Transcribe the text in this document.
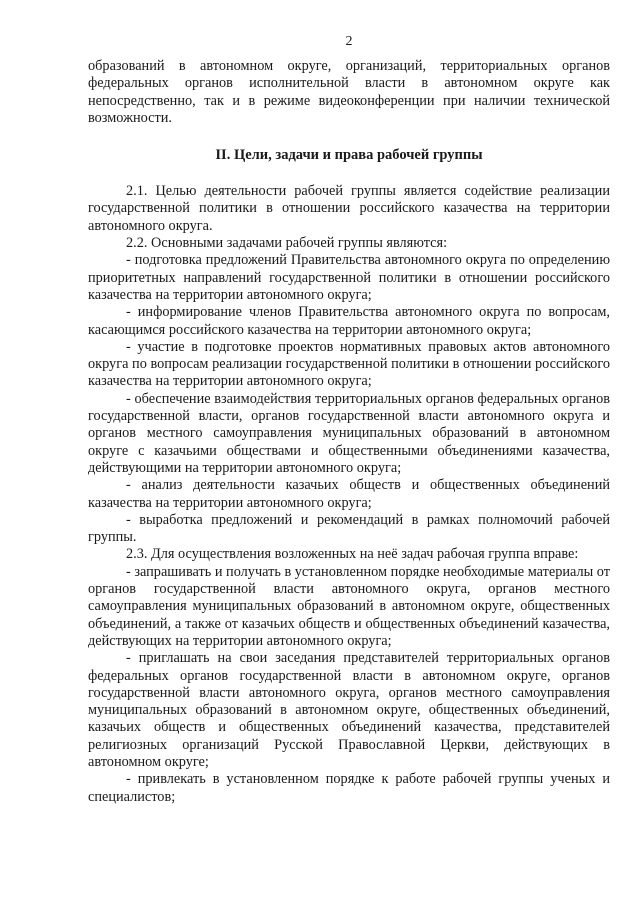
2

образований в автономном округе, организаций, территориальных органов федеральных органов исполнительной власти в автономном округе как непосредственно, так и в режиме видеоконференции при наличии технической возможности.

II. Цели, задачи и права рабочей группы

2.1. Целью деятельности рабочей группы является содействие реализации государственной политики в отношении российского казачества на территории автономного округа.

2.2. Основными задачами рабочей группы являются:

- подготовка предложений Правительства автономного округа по определению приоритетных направлений государственной политики в отношении российского казачества на территории автономного округа;

- информирование членов Правительства автономного округа по вопросам, касающимся российского казачества на территории автономного округа;

- участие в подготовке проектов нормативных правовых актов автономного округа по вопросам реализации государственной политики в отношении российского казачества на территории автономного округа;

- обеспечение взаимодействия территориальных органов федеральных органов государственной власти, органов государственной власти автономного округа и органов местного самоуправления муниципальных образований в автономном округе с казачьими обществами и общественными объединениями казачества, действующими на территории автономного округа;

- анализ деятельности казачьих обществ и общественных объединений казачества на территории автономного округа;

- выработка предложений и рекомендаций в рамках полномочий рабочей группы.

2.3. Для осуществления возложенных на неё задач рабочая группа вправе:

- запрашивать и получать в установленном порядке необходимые материалы от органов государственной власти автономного округа, органов местного самоуправления муниципальных образований в автономном округе, общественных объединений, а также от казачьих обществ и общественных объединений казачества, действующих на территории автономного округа;

- приглашать на свои заседания представителей территориальных органов федеральных органов государственной власти в автономном округе, органов государственной власти автономного округа, органов местного самоуправления муниципальных образований в автономном округе, общественных объединений, казачьих обществ и общественных объединений казачества, представителей религиозных организаций Русской Православной Церкви, действующих в автономном округе;

- привлекать в установленном порядке к работе рабочей группы ученых и специалистов;
